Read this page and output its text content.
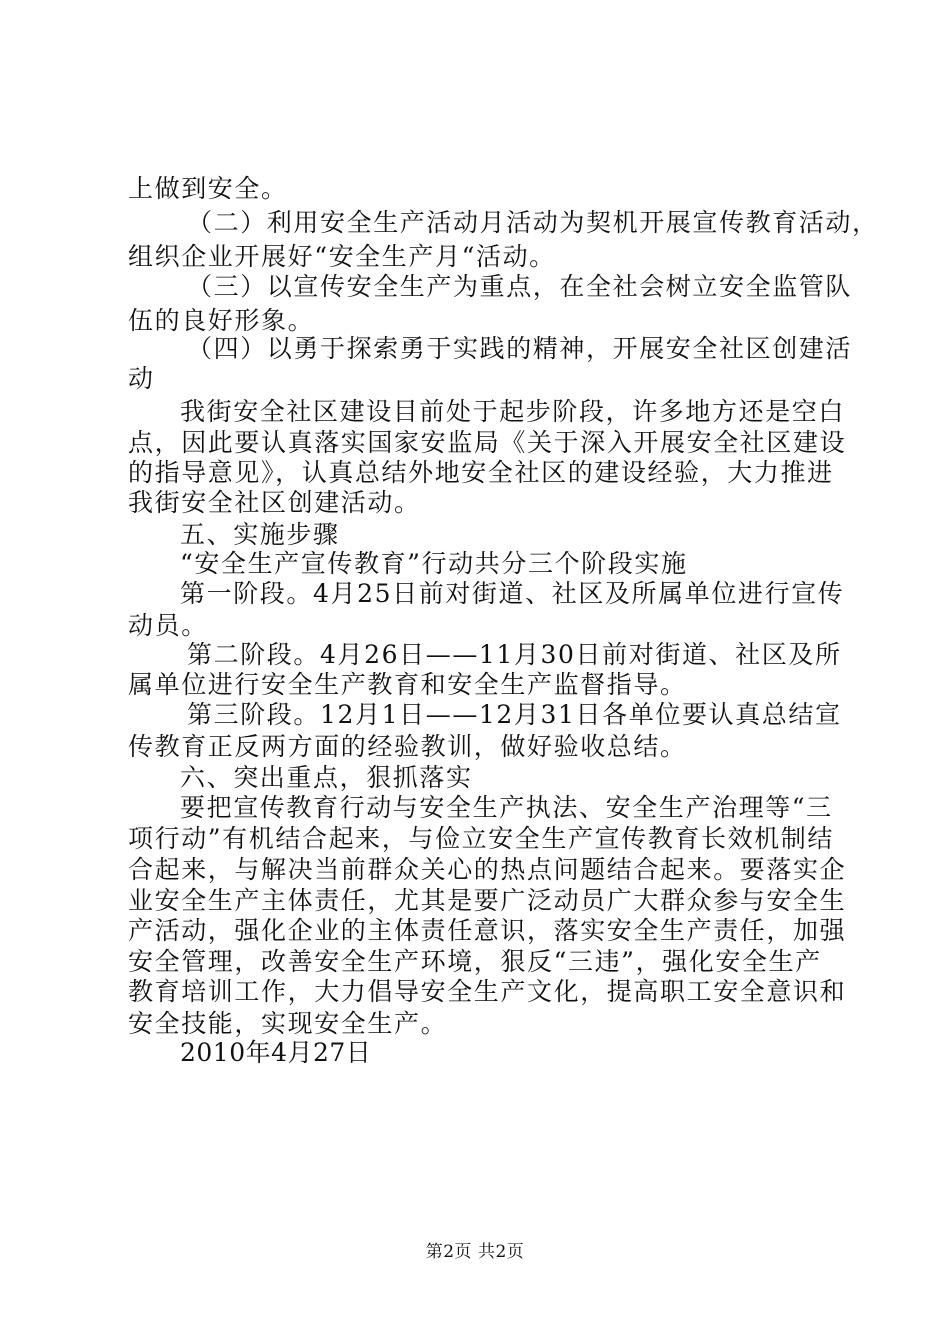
上做到安全。
（二）利用安全生产活动月活动为契机开展宣传教育活动，
组织企业开展好“安全生产月“活动。
（三）以宣传安全生产为重点，在全社会树立安全监管队
伍的良好形象。
（四）以勇于探索勇于实践的精神，开展安全社区创建活
动
我街安全社区建设目前处于起步阶段，许多地方还是空白
点，因此要认真落实国家安监局《关于深入开展安全社区建设
的指导意见》，认真总结外地安全社区的建设经验，大力推进
我街安全社区创建活动。
五、实施步骤
“安全生产宣传教育”行动共分三个阶段实施
第一阶段。4月25日前对街道、社区及所属单位进行宣传
动员。
第二阶段。4月26日——11月30日前对街道、社区及所
属单位进行安全生产教育和安全生产监督指导。
第三阶段。12月1日——12月31日各单位要认真总结宣
传教育正反两方面的经验教训，做好验收总结。
六、突出重点，狠抓落实
要把宣传教育行动与安全生产执法、安全生产治理等“三
项行动”有机结合起来，与俭立安全生产宣传教育长效机制结
合起来，与解决当前群众关心的热点问题结合起来。要落实企
业安全生产主体责任，尤其是要广泛动员广大群众参与安全生
产活动，强化企业的主体责任意识，落实安全生产责任，加强
安全管理，改善安全生产环境，狠反“三违”，强化安全生产
教育培训工作，大力倡导安全生产文化，提高职工安全意识和
安全技能，实现安全生产。
2010年4月27日
第2页 共2页
